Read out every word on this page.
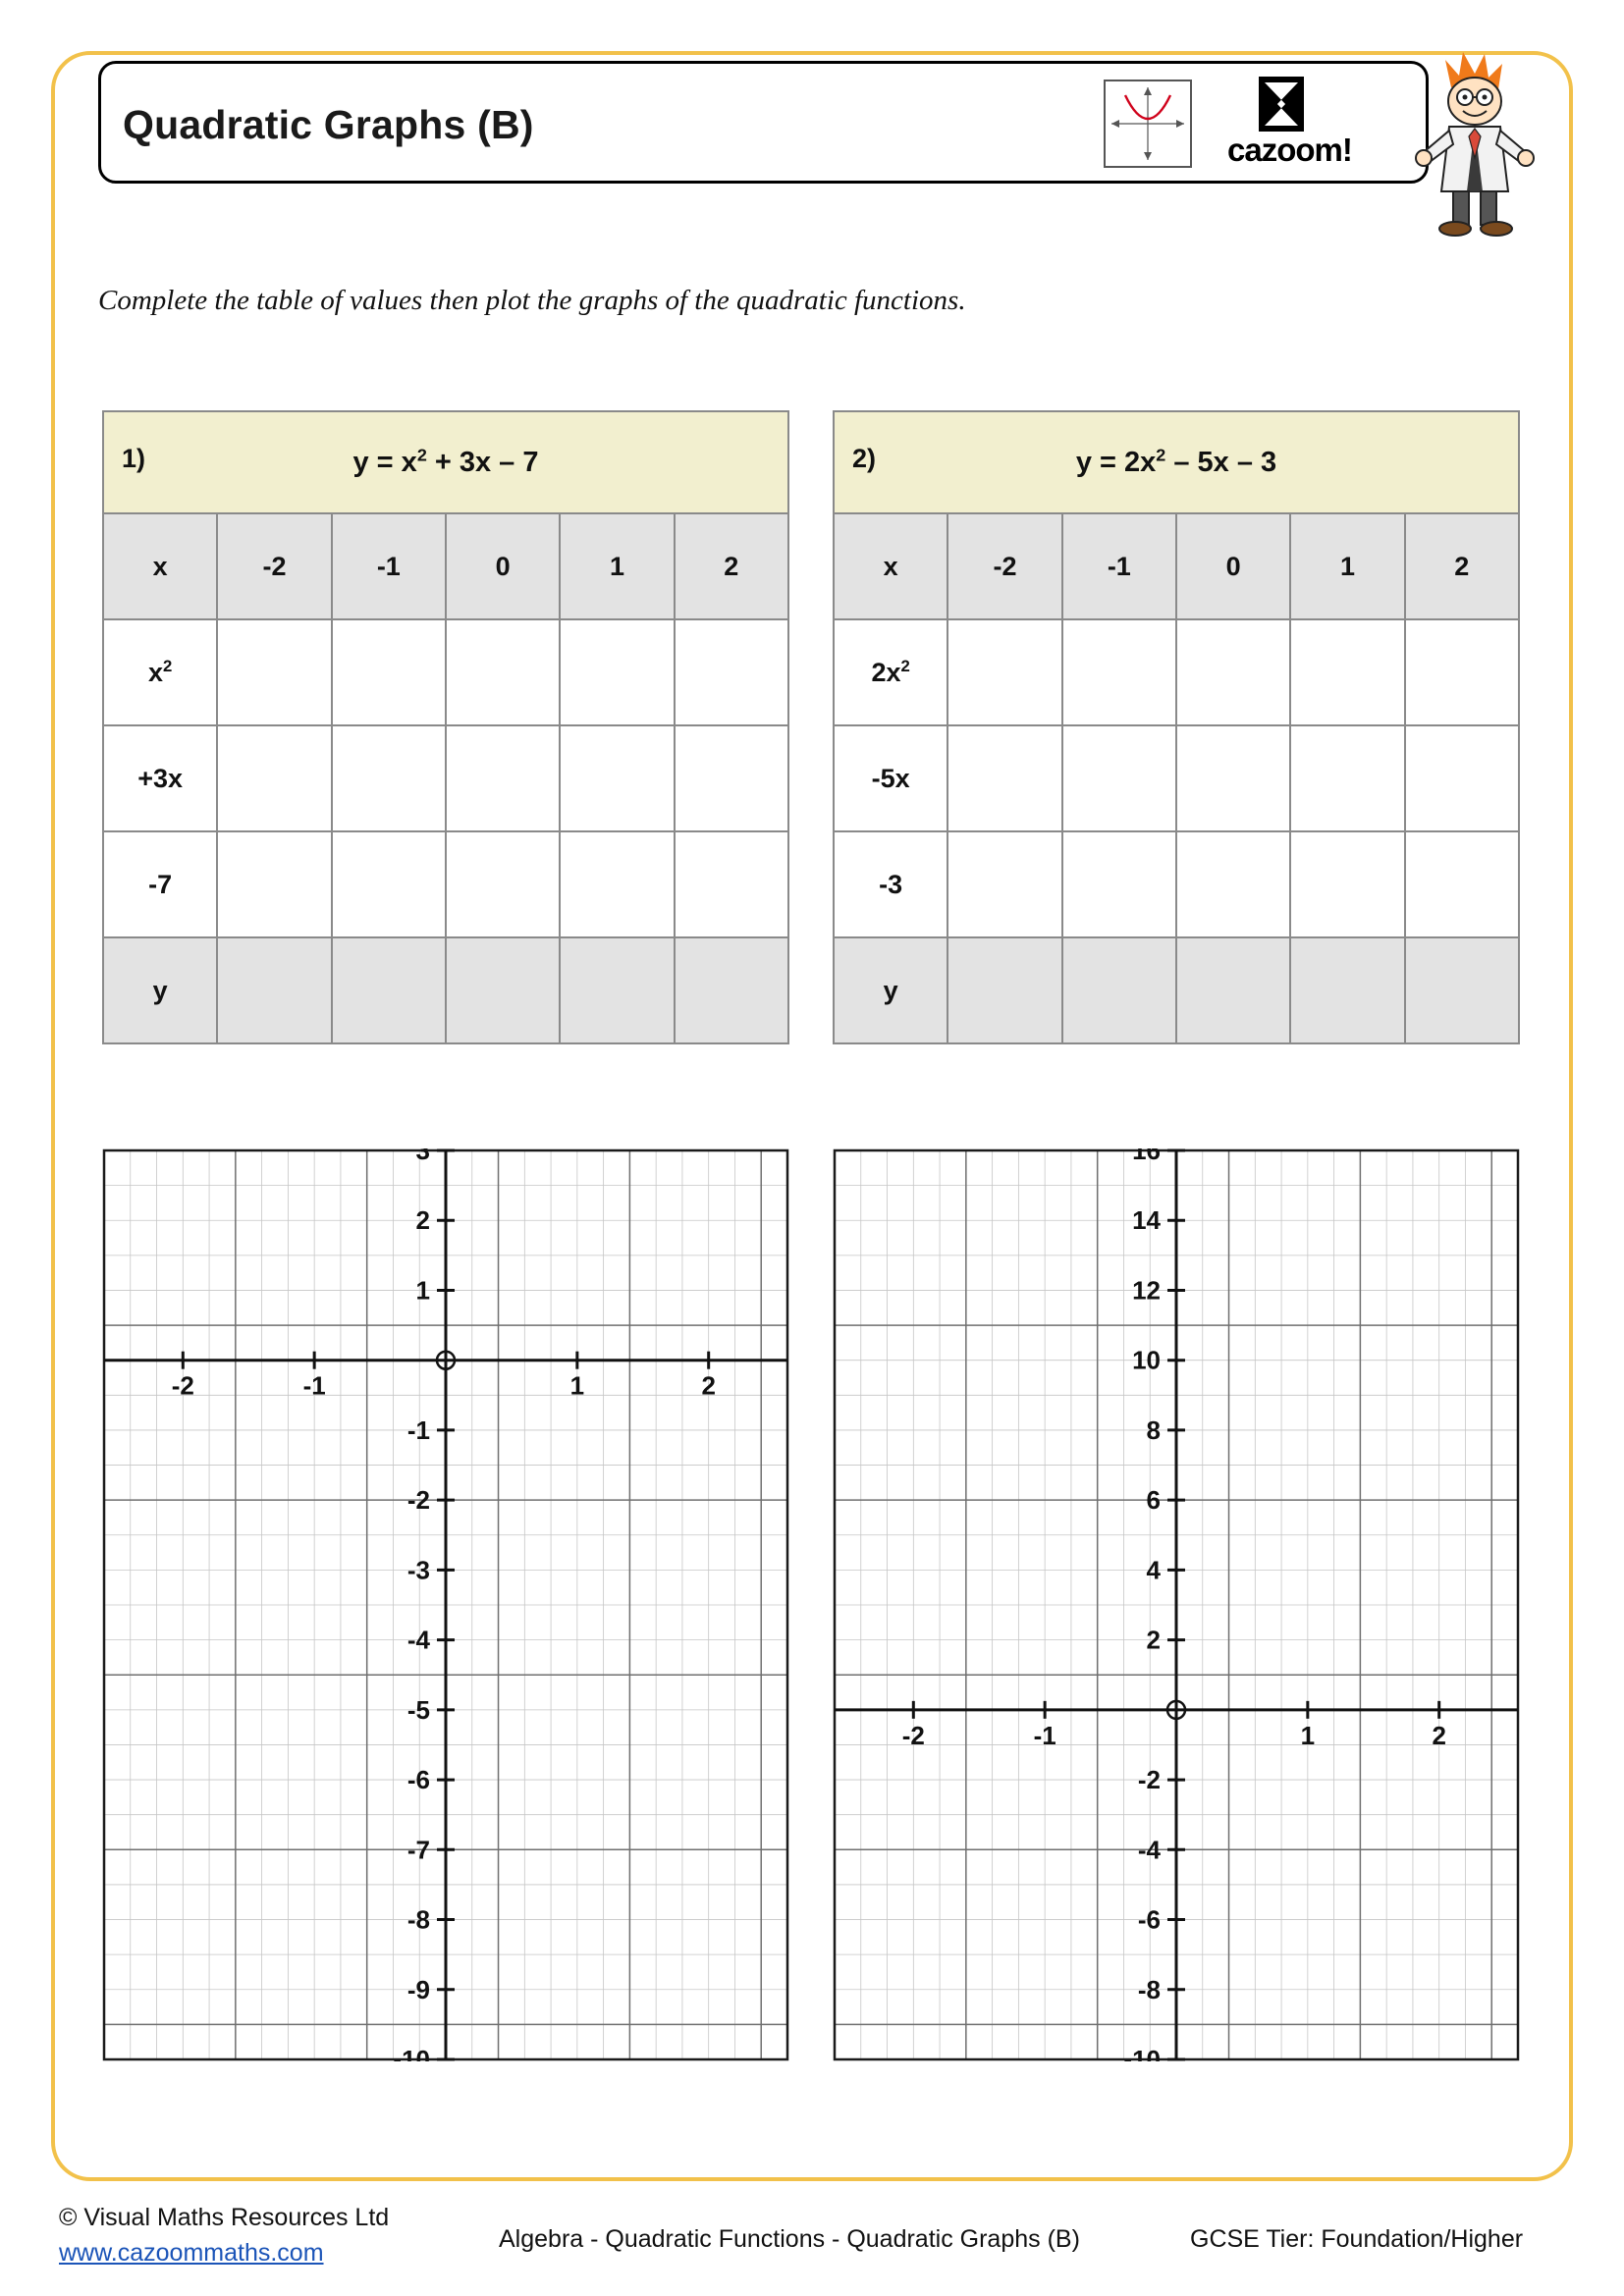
Quadratic Graphs (B)
cazoom!
Complete the table of values then plot the graphs of the quadratic functions.
1) $y = x^2 + 3x - 7$					
x	-2	-1	0	1	2
$x^2$					
+3x					
-7					
y					
2) $y = 2x^2 - 5x - 3$					
x	-2	-1	0	1	2
$2x^2$					
-5x					
-3					
y					
3
2
1
-1
-2
-3
-4
-5
-6
-7
-8
-9
-10
-2	-1	1	2
16
14
12
10
8
6
4
2
-2
-4
-6
-8
-10
-2	-1	1	2
© Visual Maths Resources Ltd
www.cazoommaths.com	Algebra - Quadratic Functions - Quadratic Graphs (B)	GCSE Tier: Foundation/Higher
